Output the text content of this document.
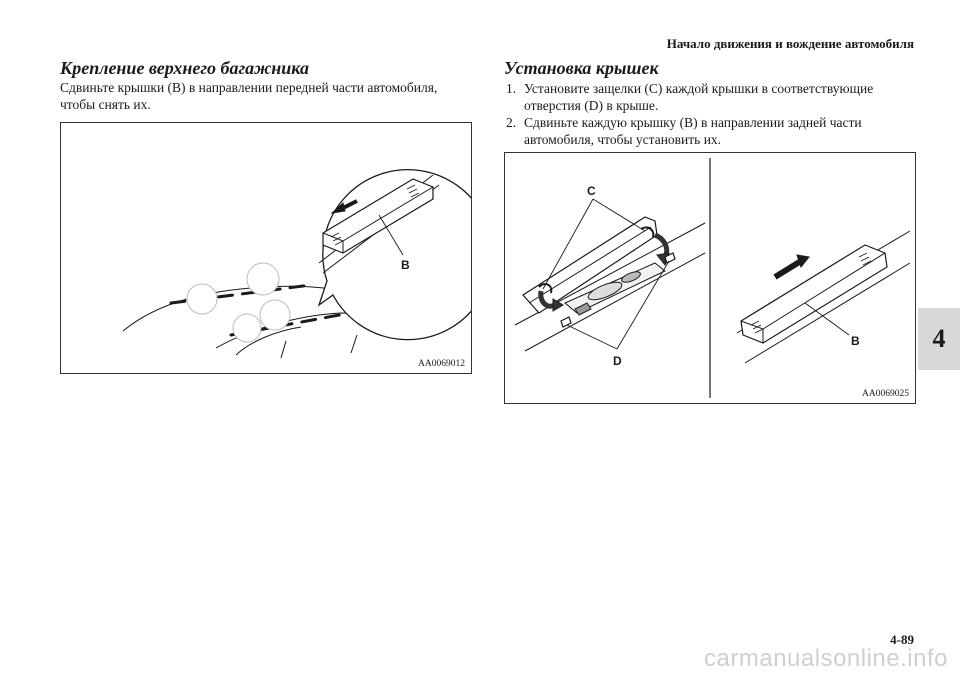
Начало движения и вождение автомобиля
Крепление верхнего багажника
Сдвиньте крышки (B) в направлении передней части автомобиля,
чтобы снять их.
B
AA0069012
Установка крышек
1. Установите защелки (C) каждой крышки в соответствующие
отверстия (D) в крыше.
2. Сдвиньте каждую крышку (B) в направлении задней части
автомобиля, чтобы установить их.
C
D
B
AA0069025
4
4-89
carmanualsonline.info
